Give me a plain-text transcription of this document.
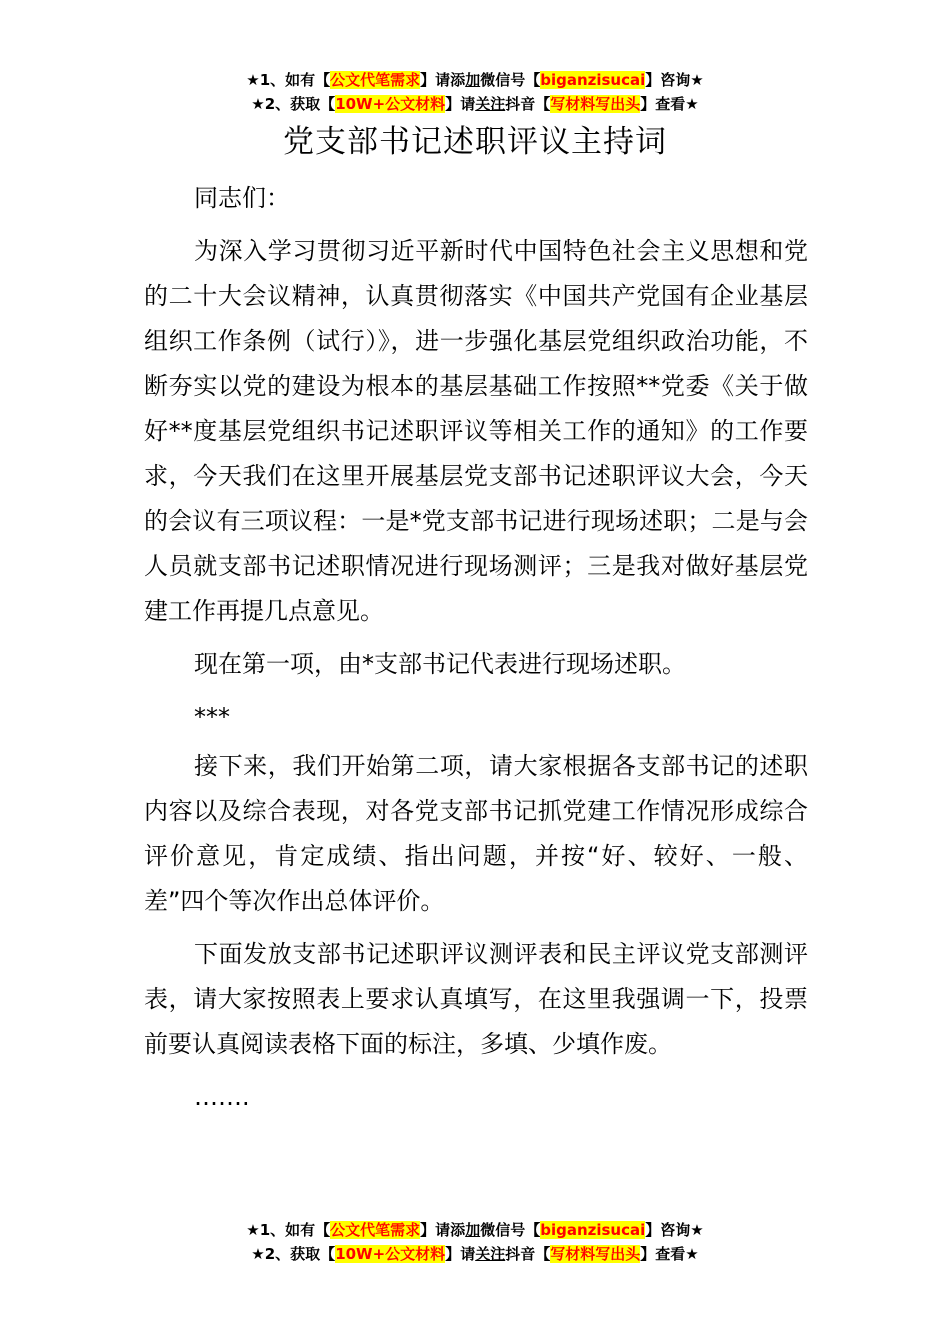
★1、如有【公文代笔需求】请添加微信号【biganzisucai】咨询★
★2、获取【10W+公文材料】请关注抖音【写材料写出头】查看★
党支部书记述职评议主持词

同志们：

为深入学习贯彻习近平新时代中国特色社会主义思想和党的二十大会议精神，认真贯彻落实《中国共产党国有企业基层组织工作条例（试行）》，进一步强化基层党组织政治功能，不断夯实以党的建设为根本的基层基础工作按照**党委《关于做好**度基层党组织书记述职评议等相关工作的通知》的工作要求，今天我们在这里开展基层党支部书记述职评议大会，今天的会议有三项议程：一是*党支部书记进行现场述职；二是与会人员就支部书记述职情况进行现场测评；三是我对做好基层党建工作再提几点意见。

现在第一项，由*支部书记代表进行现场述职。

***

接下来，我们开始第二项，请大家根据各支部书记的述职内容以及综合表现，对各党支部书记抓党建工作情况形成综合评价意见，肯定成绩、指出问题，并按“好、较好、一般、差”四个等次作出总体评价。

下面发放支部书记述职评议测评表和民主评议党支部测评表，请大家按照表上要求认真填写，在这里我强调一下，投票前要认真阅读表格下面的标注，多填、少填作废。

…….

★1、如有【公文代笔需求】请添加微信号【biganzisucai】咨询★
★2、获取【10W+公文材料】请关注抖音【写材料写出头】查看★
